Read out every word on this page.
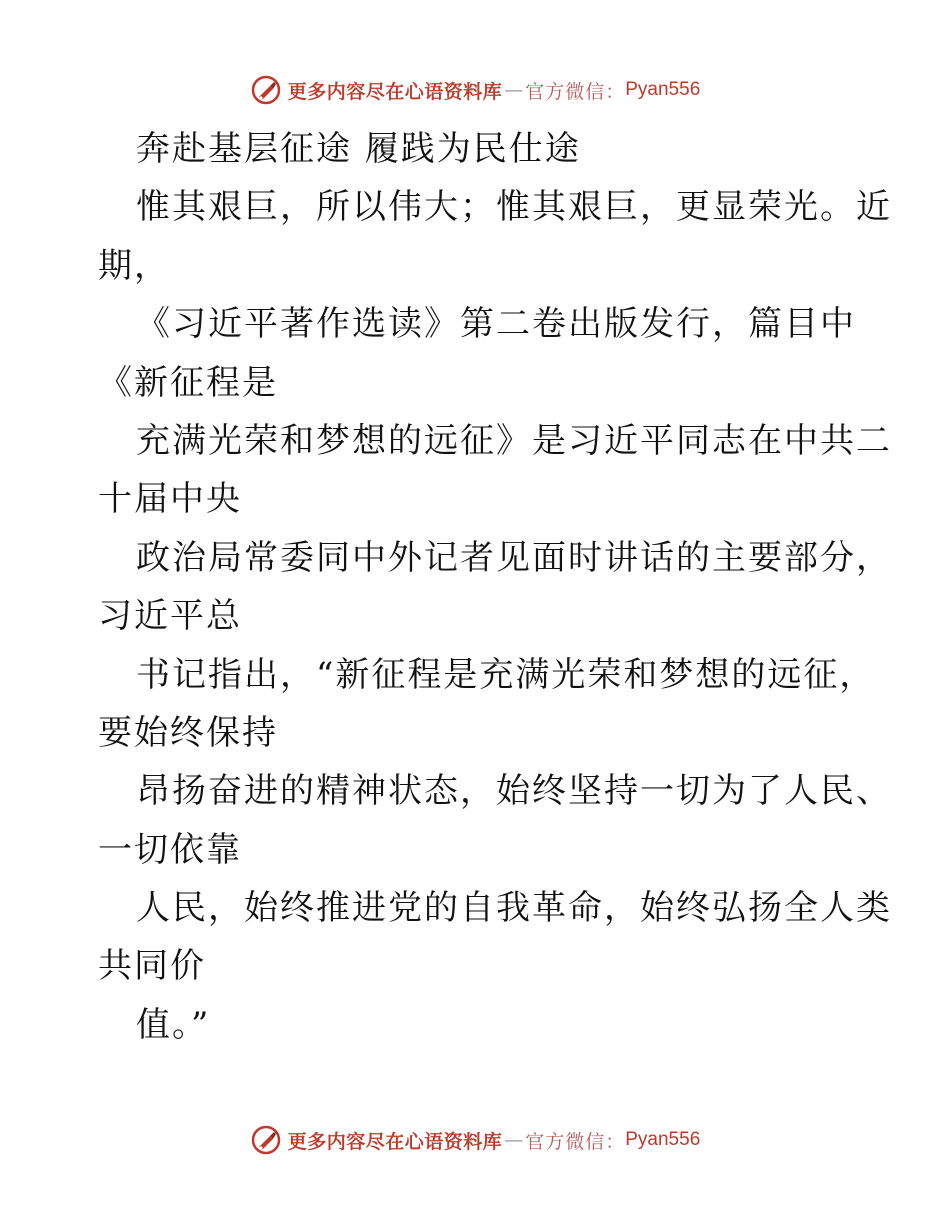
更多内容尽在心语资料库 — 官方微信： Pyan556
奔赴基层征途 履践为民仕途
惟其艰巨，所以伟大；惟其艰巨，更显荣光。近
期，
《习近平著作选读》第二卷出版发行，篇目中
《新征程是
充满光荣和梦想的远征》是习近平同志在中共二
十届中央
政治局常委同中外记者见面时讲话的主要部分，
习近平总
书记指出，“新征程是充满光荣和梦想的远征，
要始终保持
昂扬奋进的精神状态，始终坚持一切为了人民、
一切依靠
人民，始终推进党的自我革命，始终弘扬全人类
共同价
值。”
更多内容尽在心语资料库 — 官方微信： Pyan556
